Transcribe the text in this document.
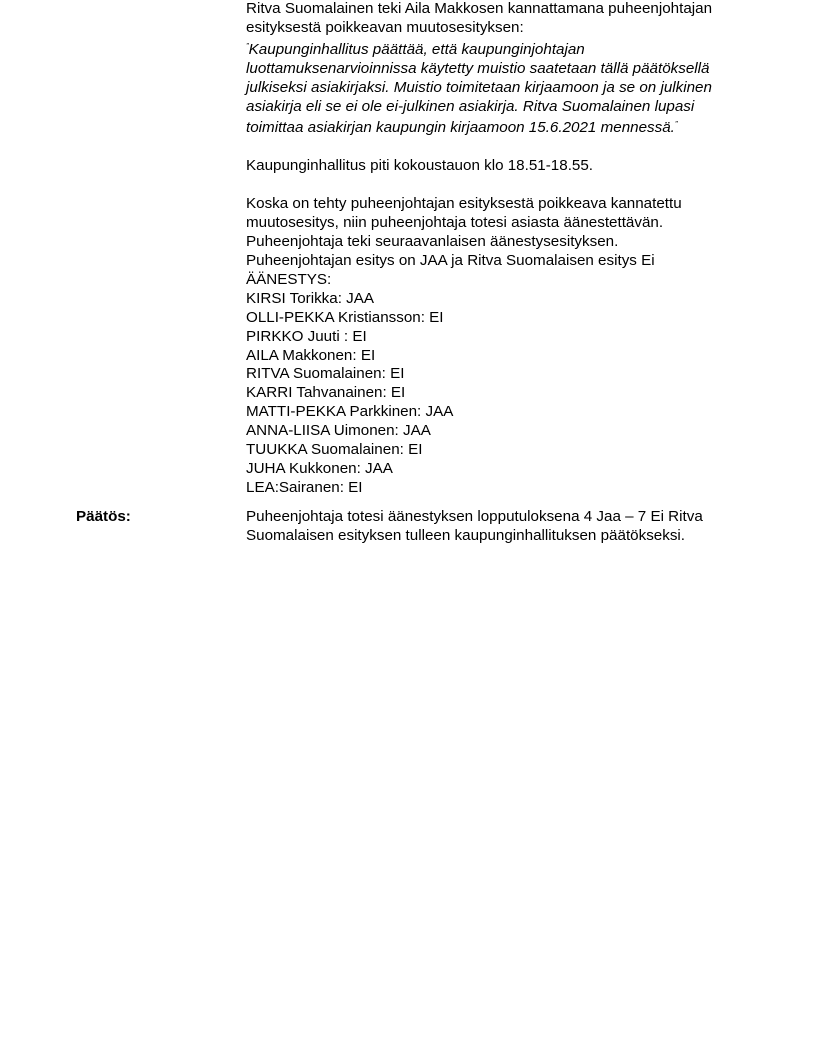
Ritva Suomalainen teki Aila Makkosen kannattamana puheenjohtajan

esityksestä poikkeavan muutosesityksen:

”Kaupunginhallitus päättää, että kaupunginjohtajan

luottamuksenarvioinnissa käytetty muistio saatetaan tällä päätöksellä

julkiseksi asiakirjaksi. Muistio toimitetaan kirjaamoon ja se on julkinen

asiakirja eli se ei ole ei-julkinen asiakirja. Ritva Suomalainen lupasi

toimittaa asiakirjan kaupungin kirjaamoon 15.6.2021 mennessä.”

Kaupunginhallitus piti kokoustauon klo 18.51-18.55.

Koska on tehty puheenjohtajan esityksestä poikkeava kannatettu

muutosesitys, niin puheenjohtaja totesi asiasta äänestettävän.

Puheenjohtaja teki seuraavanlaisen äänestysesityksen.

Puheenjohtajan esitys on JAA ja Ritva Suomalaisen esitys Ei

ÄÄNESTYS:

KIRSI Torikka: JAA
OLLI-PEKKA Kristiansson: EI
PIRKKO Juuti : EI
AILA Makkonen: EI
RITVA Suomalainen: EI
KARRI Tahvanainen: EI
MATTI-PEKKA Parkkinen: JAA
ANNA-LIISA Uimonen: JAA
TUUKKA Suomalainen: EI
JUHA Kukkonen: JAA
LEA:Sairanen: EI
Päätös:	Puheenjohtaja totesi äänestyksen lopputuloksena 4 Jaa – 7 Ei Ritva

Suomalaisen esityksen tulleen kaupunginhallituksen päätökseksi.
